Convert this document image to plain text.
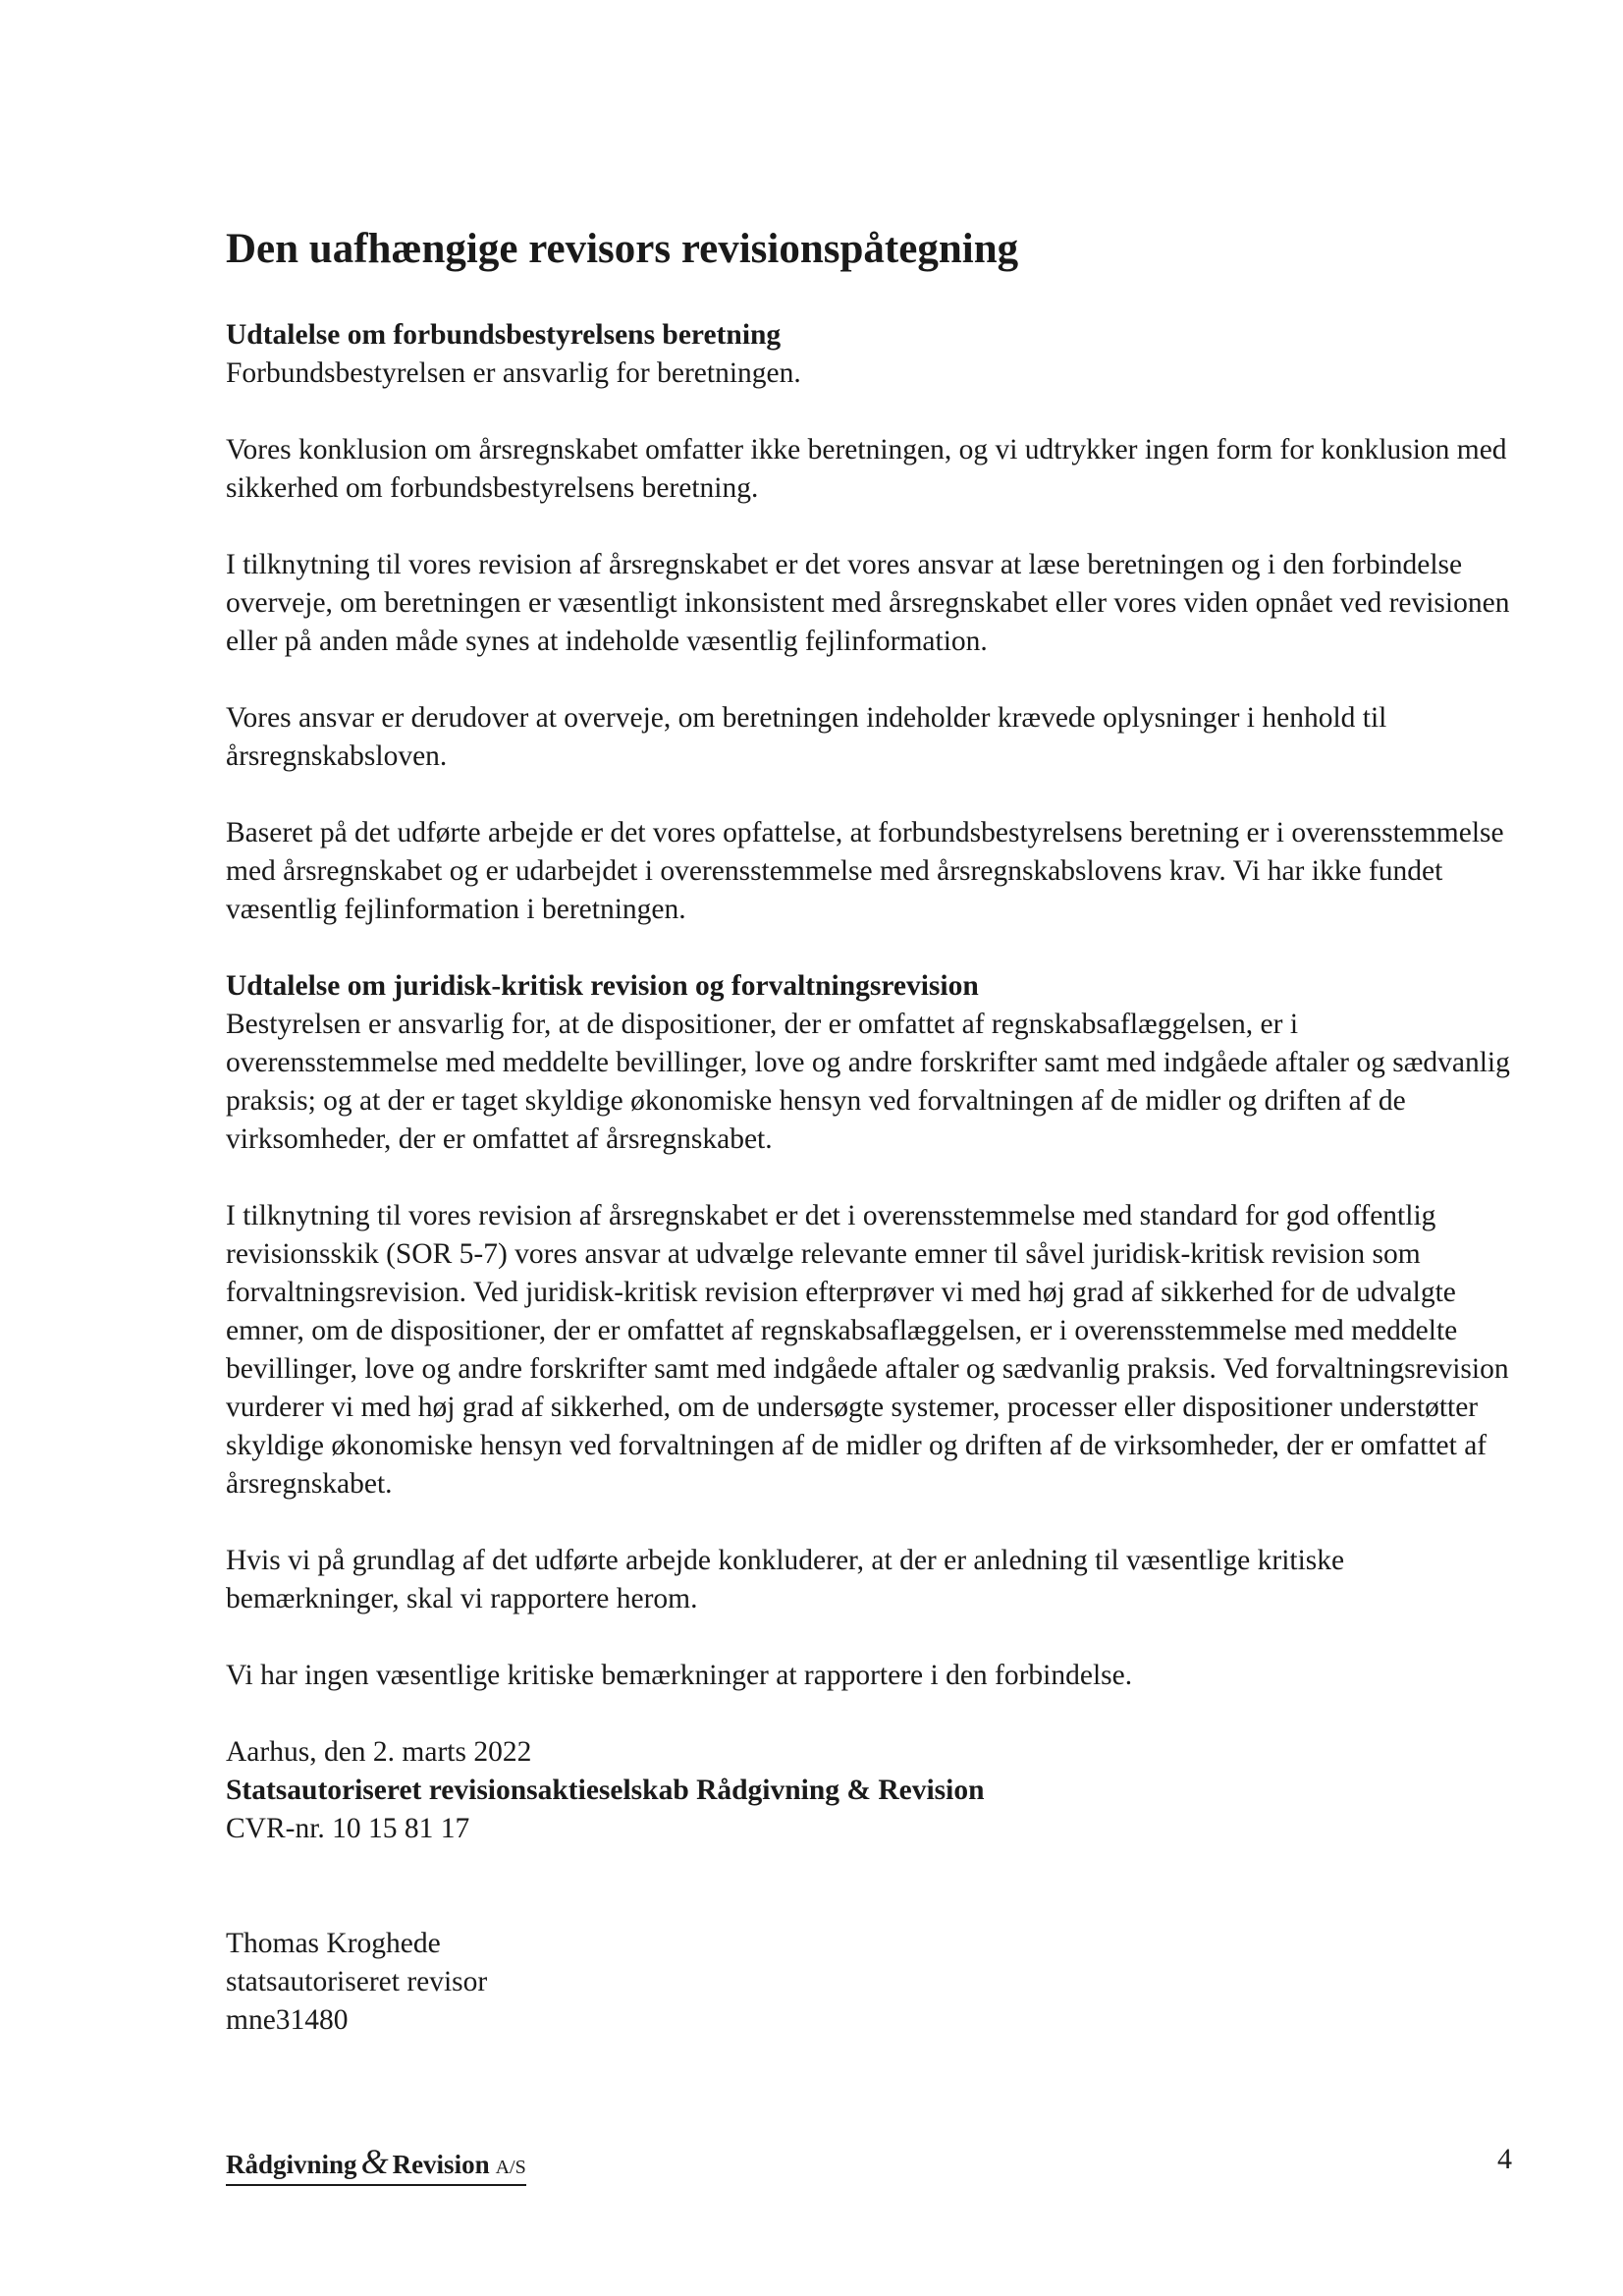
Den uafhængige revisors revisionspåtegning

Udtalelse om forbundsbestyrelsens beretning

Forbundsbestyrelsen er ansvarlig for beretningen.

Vores konklusion om årsregnskabet omfatter ikke beretningen, og vi udtrykker ingen form for konklusion med sikkerhed om forbundsbestyrelsens beretning.

I tilknytning til vores revision af årsregnskabet er det vores ansvar at læse beretningen og i den forbindelse overveje, om beretningen er væsentligt inkonsistent med årsregnskabet eller vores viden opnået ved revisionen eller på anden måde synes at indeholde væsentlig fejlinformation.

Vores ansvar er derudover at overveje, om beretningen indeholder krævede oplysninger i henhold til årsregnskabsloven.

Baseret på det udførte arbejde er det vores opfattelse, at forbundsbestyrelsens beretning er i overensstemmelse med årsregnskabet og er udarbejdet i overensstemmelse med årsregnskabslovens krav. Vi har ikke fundet væsentlig fejlinformation i beretningen.

Udtalelse om juridisk-kritisk revision og forvaltningsrevision

Bestyrelsen er ansvarlig for, at de dispositioner, der er omfattet af regnskabsaflæggelsen, er i overensstemmelse med meddelte bevillinger, love og andre forskrifter samt med indgåede aftaler og sædvanlig praksis; og at der er taget skyldige økonomiske hensyn ved forvaltningen af de midler og driften af de virksomheder, der er omfattet af årsregnskabet.

I tilknytning til vores revision af årsregnskabet er det i overensstemmelse med standard for god offentlig revisionsskik (SOR 5-7) vores ansvar at udvælge relevante emner til såvel juridisk-kritisk revision som forvaltningsrevision. Ved juridisk-kritisk revision efterprøver vi med høj grad af sikkerhed for de udvalgte emner, om de dispositioner, der er omfattet af regnskabsaflæggelsen, er i overensstemmelse med meddelte bevillinger, love og andre forskrifter samt med indgåede aftaler og sædvanlig praksis. Ved forvaltningsrevision vurderer vi med høj grad af sikkerhed, om de undersøgte systemer, processer eller dispositioner understøtter skyldige økonomiske hensyn ved forvaltningen af de midler og driften af de virksomheder, der er omfattet af årsregnskabet.

Hvis vi på grundlag af det udførte arbejde konkluderer, at der er anledning til væsentlige kritiske bemærkninger, skal vi rapportere herom.

Vi har ingen væsentlige kritiske bemærkninger at rapportere i den forbindelse.

Aarhus, den 2. marts 2022

Statsautoriseret revisionsaktieselskab Rådgivning & Revision

CVR-nr. 10 15 81 17

Thomas Kroghede

statsautoriseret revisor

mne31480

Rådgivning & Revision A/S	4
